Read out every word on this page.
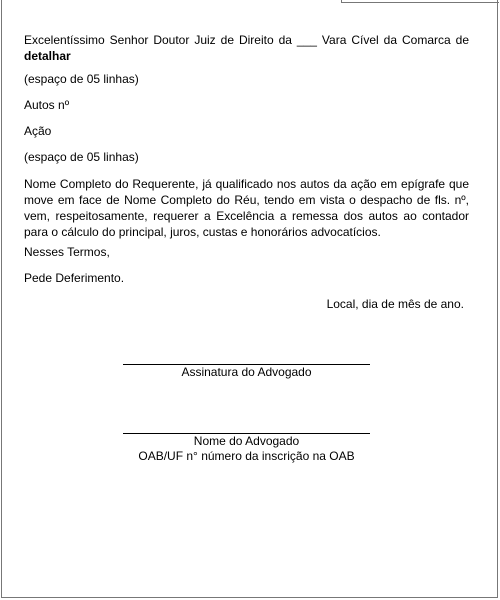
Excelentíssimo Senhor Doutor Juiz de Direito da ___ Vara Cível da Comarca de detalhar
(espaço de 05 linhas)
Autos nº
Ação
(espaço de 05 linhas)
Nome Completo do Requerente, já qualificado nos autos da ação em epígrafe que move em face de Nome Completo do Réu, tendo em vista o despacho de fls. nº, vem, respeitosamente, requerer a Excelência a remessa dos autos ao contador para o cálculo do principal, juros, custas e honorários advocatícios.
Nesses Termos,
Pede Deferimento.
Local, dia de mês de ano.
Assinatura do Advogado
Nome do Advogado
OAB/UF n° número da inscrição na OAB
